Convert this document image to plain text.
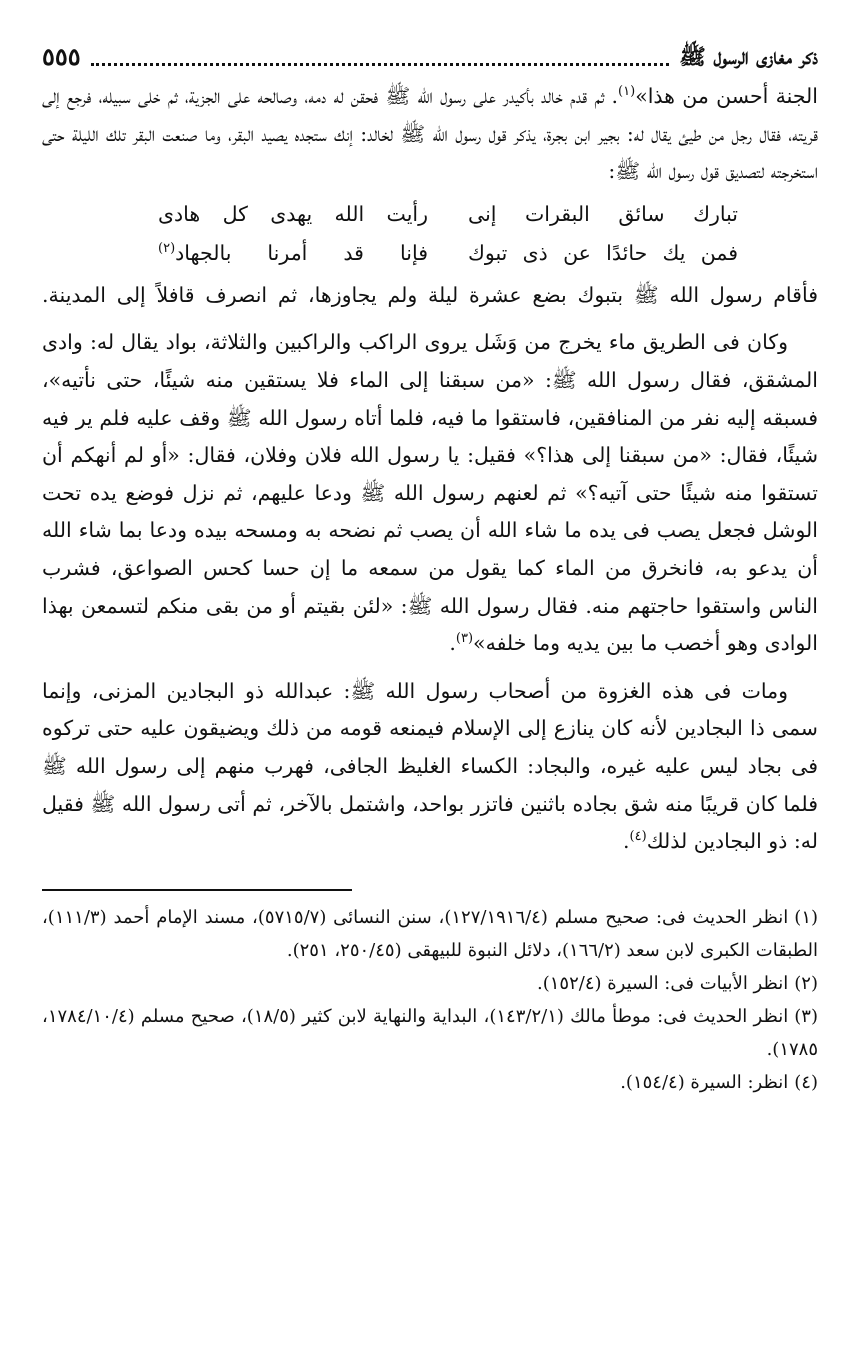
ذكر مغازى الرسول ﷺ
٥٥٥

الجنة أحسن من هذا»$^{(١)}$. ثم قدم خالد بأكيدر على رسول الله ﷺ فحقن له دمه، وصالحه على الجزية، ثم خلى سبيله، فرجع إلى قريته، فقال رجل من طيئ يقال له: بجير ابن بجرة، يذكر قول رسول الله ﷺ لخالد: إنك ستجده يصيد البقر، وما صنعت البقر تلك الليلة حتى استخرجته لتصديق قول رسول الله ﷺ:

تبارك سائق البقرات إنى
رأيت الله يهدى كل هادى
فمن يك حائدًا عن ذى تبوك
فإنا قد أمرنا بالجهاد$^{(٢)}$

فأقام رسول الله ﷺ بتبوك بضع عشرة ليلة ولم يجاوزها، ثم انصرف قافلاً إلى المدينة.

وكان فى الطريق ماء يخرج من وَشَل يروى الراكب والراكبين والثلاثة، بواد يقال له: وادى المشقق، فقال رسول الله ﷺ: «من سبقنا إلى الماء فلا يستقين منه شيئًا، حتى نأتيه»، فسبقه إليه نفر من المنافقين، فاستقوا ما فيه، فلما أتاه رسول الله ﷺ وقف عليه فلم ير فيه شيئًا، فقال: «من سبقنا إلى هذا؟» فقيل: يا رسول الله فلان وفلان، فقال: «أو لم أنهكم أن تستقوا منه شيئًا حتى آتيه؟» ثم لعنهم رسول الله ﷺ ودعا عليهم، ثم نزل فوضع يده تحت الوشل فجعل يصب فى يده ما شاء الله أن يصب ثم نضحه به ومسحه بيده ودعا بما شاء الله أن يدعو به، فانخرق من الماء كما يقول من سمعه ما إن حسا كحس الصواعق، فشرب الناس واستقوا حاجتهم منه. فقال رسول الله ﷺ: «لئن بقيتم أو من بقى منكم لتسمعن بهذا الوادى وهو أخصب ما بين يديه وما خلفه»$^{(٣)}$.

ومات فى هذه الغزوة من أصحاب رسول الله ﷺ: عبدالله ذو البجادين المزنى، وإنما سمى ذا البجادين لأنه كان ينازع إلى الإسلام فيمنعه قومه من ذلك ويضيقون عليه حتى تركوه فى بجاد ليس عليه غيره، والبجاد: الكساء الغليظ الجافى، فهرب منهم إلى رسول الله ﷺ فلما كان قريبًا منه شق بجاده باثنين فاتزر بواحد، واشتمل بالآخر، ثم أتى رسول الله ﷺ فقيل له: ذو البجادين لذلك$^{(٤)}$.

(١)انظر الحديث فى: صحيح مسلم (١٢٧/١٩١٦/٤)، سنن النسائى (٥٧١٥/٧)، مسند الإمام أحمد (١١١/٣)، الطبقات الكبرى لابن سعد (١٦٦/٢)، دلائل النبوة للبيهقى (٢٥٠/٤٥، ٢٥١).

(٢)انظر الأبيات فى: السيرة (١٥٢/٤).

(٣)انظر الحديث فى: موطأ مالك (١٤٣/٢/١)، البداية والنهاية لابن كثير (١٨/٥)، صحيح مسلم (١٧٨٤/١٠/٤، ١٧٨٥).

(٤)انظر: السيرة (١٥٤/٤).
